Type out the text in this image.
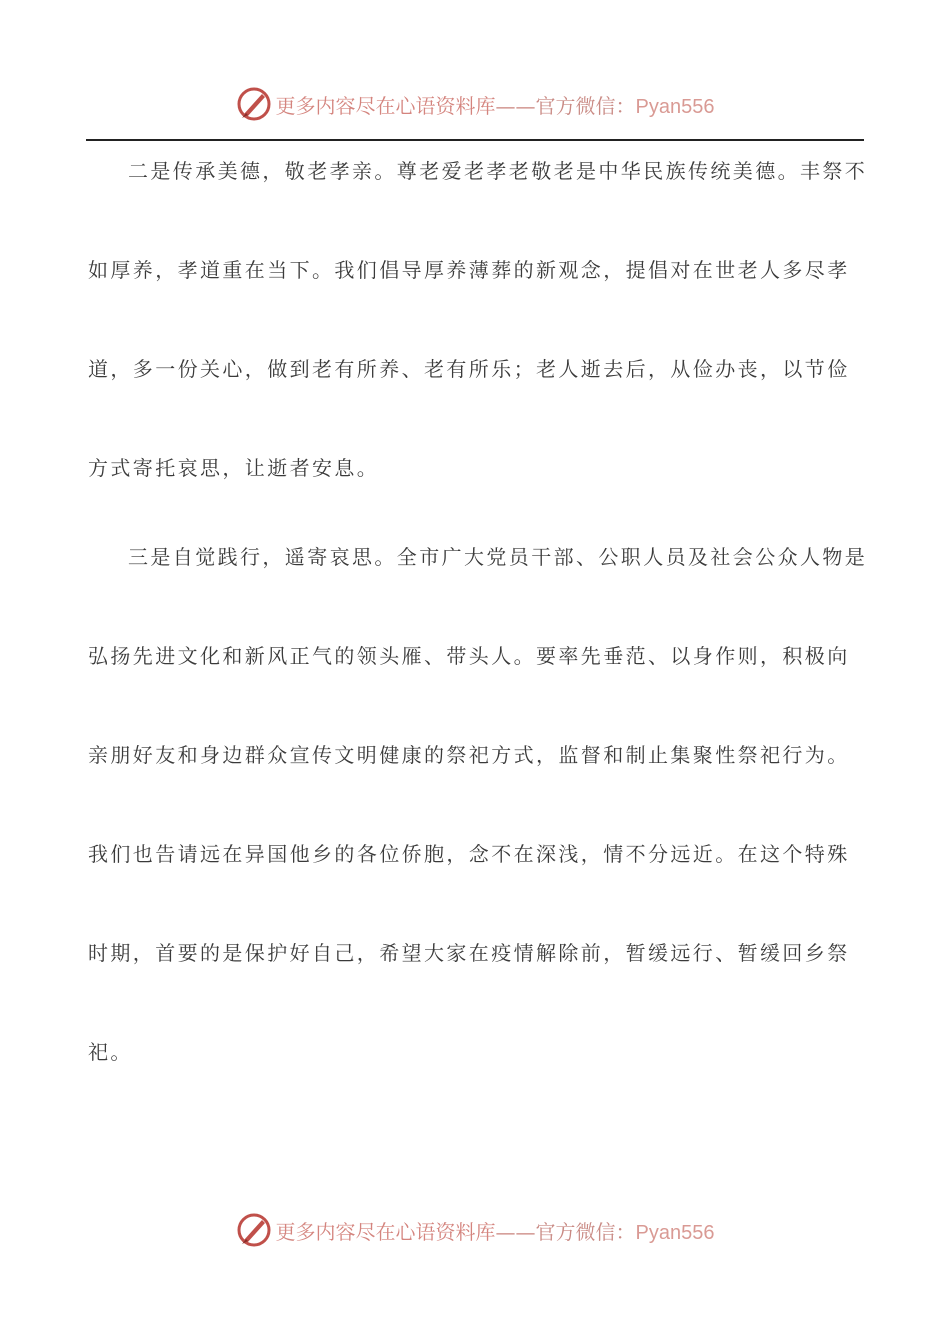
更多内容尽在心语资料库——官方微信：Pyan556
二是传承美德，敬老孝亲。尊老爱老孝老敬老是中华民族传统美德。丰祭不
如厚养，孝道重在当下。我们倡导厚养薄葬的新观念，提倡对在世老人多尽孝
道，多一份关心，做到老有所养、老有所乐；老人逝去后，从俭办丧，以节俭
方式寄托哀思，让逝者安息。
三是自觉践行，遥寄哀思。全市广大党员干部、公职人员及社会公众人物是
弘扬先进文化和新风正气的领头雁、带头人。要率先垂范、以身作则，积极向
亲朋好友和身边群众宣传文明健康的祭祀方式，监督和制止集聚性祭祀行为。
我们也告请远在异国他乡的各位侨胞，念不在深浅，情不分远近。在这个特殊
时期，首要的是保护好自己，希望大家在疫情解除前，暂缓远行、暂缓回乡祭
祀。
更多内容尽在心语资料库——官方微信：Pyan556
